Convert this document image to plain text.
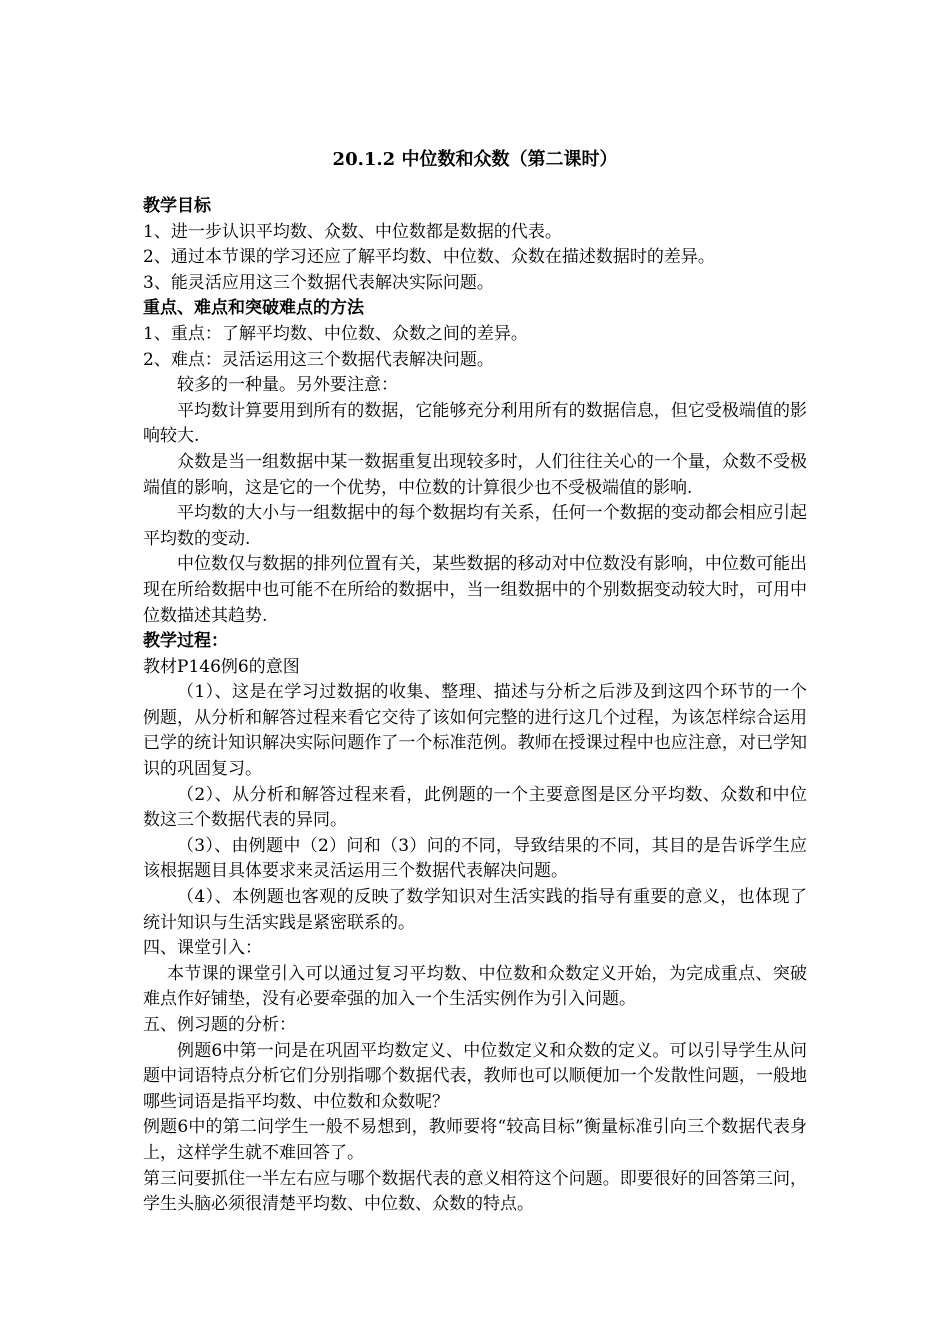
20.1.2 中位数和众数（第二课时）

教学目标

1、进一步认识平均数、众数、中位数都是数据的代表。

2、通过本节课的学习还应了解平均数、中位数、众数在描述数据时的差异。

3、能灵活应用这三个数据代表解决实际问题。

重点、难点和突破难点的方法

1、重点：了解平均数、中位数、众数之间的差异。

2、难点：灵活运用这三个数据代表解决问题。

较多的一种量。另外要注意：

平均数计算要用到所有的数据，它能够充分利用所有的数据信息，但它受极端值的影响较大.

众数是当一组数据中某一数据重复出现较多时，人们往往关心的一个量，众数不受极端值的影响，这是它的一个优势，中位数的计算很少也不受极端值的影响.

平均数的大小与一组数据中的每个数据均有关系，任何一个数据的变动都会相应引起平均数的变动.

中位数仅与数据的排列位置有关，某些数据的移动对中位数没有影响，中位数可能出现在所给数据中也可能不在所给的数据中，当一组数据中的个别数据变动较大时，可用中位数描述其趋势.

教学过程：

教材P146例6的意图

（1）、这是在学习过数据的收集、整理、描述与分析之后涉及到这四个环节的一个例题，从分析和解答过程来看它交待了该如何完整的进行这几个过程，为该怎样综合运用已学的统计知识解决实际问题作了一个标准范例。教师在授课过程中也应注意，对已学知识的巩固复习。

（2）、从分析和解答过程来看，此例题的一个主要意图是区分平均数、众数和中位数这三个数据代表的异同。

（3）、由例题中（2）问和（3）问的不同，导致结果的不同，其目的是告诉学生应该根据题目具体要求来灵活运用三个数据代表解决问题。

（4）、本例题也客观的反映了数学知识对生活实践的指导有重要的意义，也体现了统计知识与生活实践是紧密联系的。

四、课堂引入：

本节课的课堂引入可以通过复习平均数、中位数和众数定义开始，为完成重点、突破难点作好铺垫，没有必要牵强的加入一个生活实例作为引入问题。

五、例习题的分析：

例题6中第一问是在巩固平均数定义、中位数定义和众数的定义。可以引导学生从问题中词语特点分析它们分别指哪个数据代表，教师也可以顺便加一个发散性问题，一般地哪些词语是指平均数、中位数和众数呢？

例题6中的第二问学生一般不易想到，教师要将“较高目标”衡量标准引向三个数据代表身上，这样学生就不难回答了。

第三问要抓住一半左右应与哪个数据代表的意义相符这个问题。即要很好的回答第三问，学生头脑必须很清楚平均数、中位数、众数的特点。
